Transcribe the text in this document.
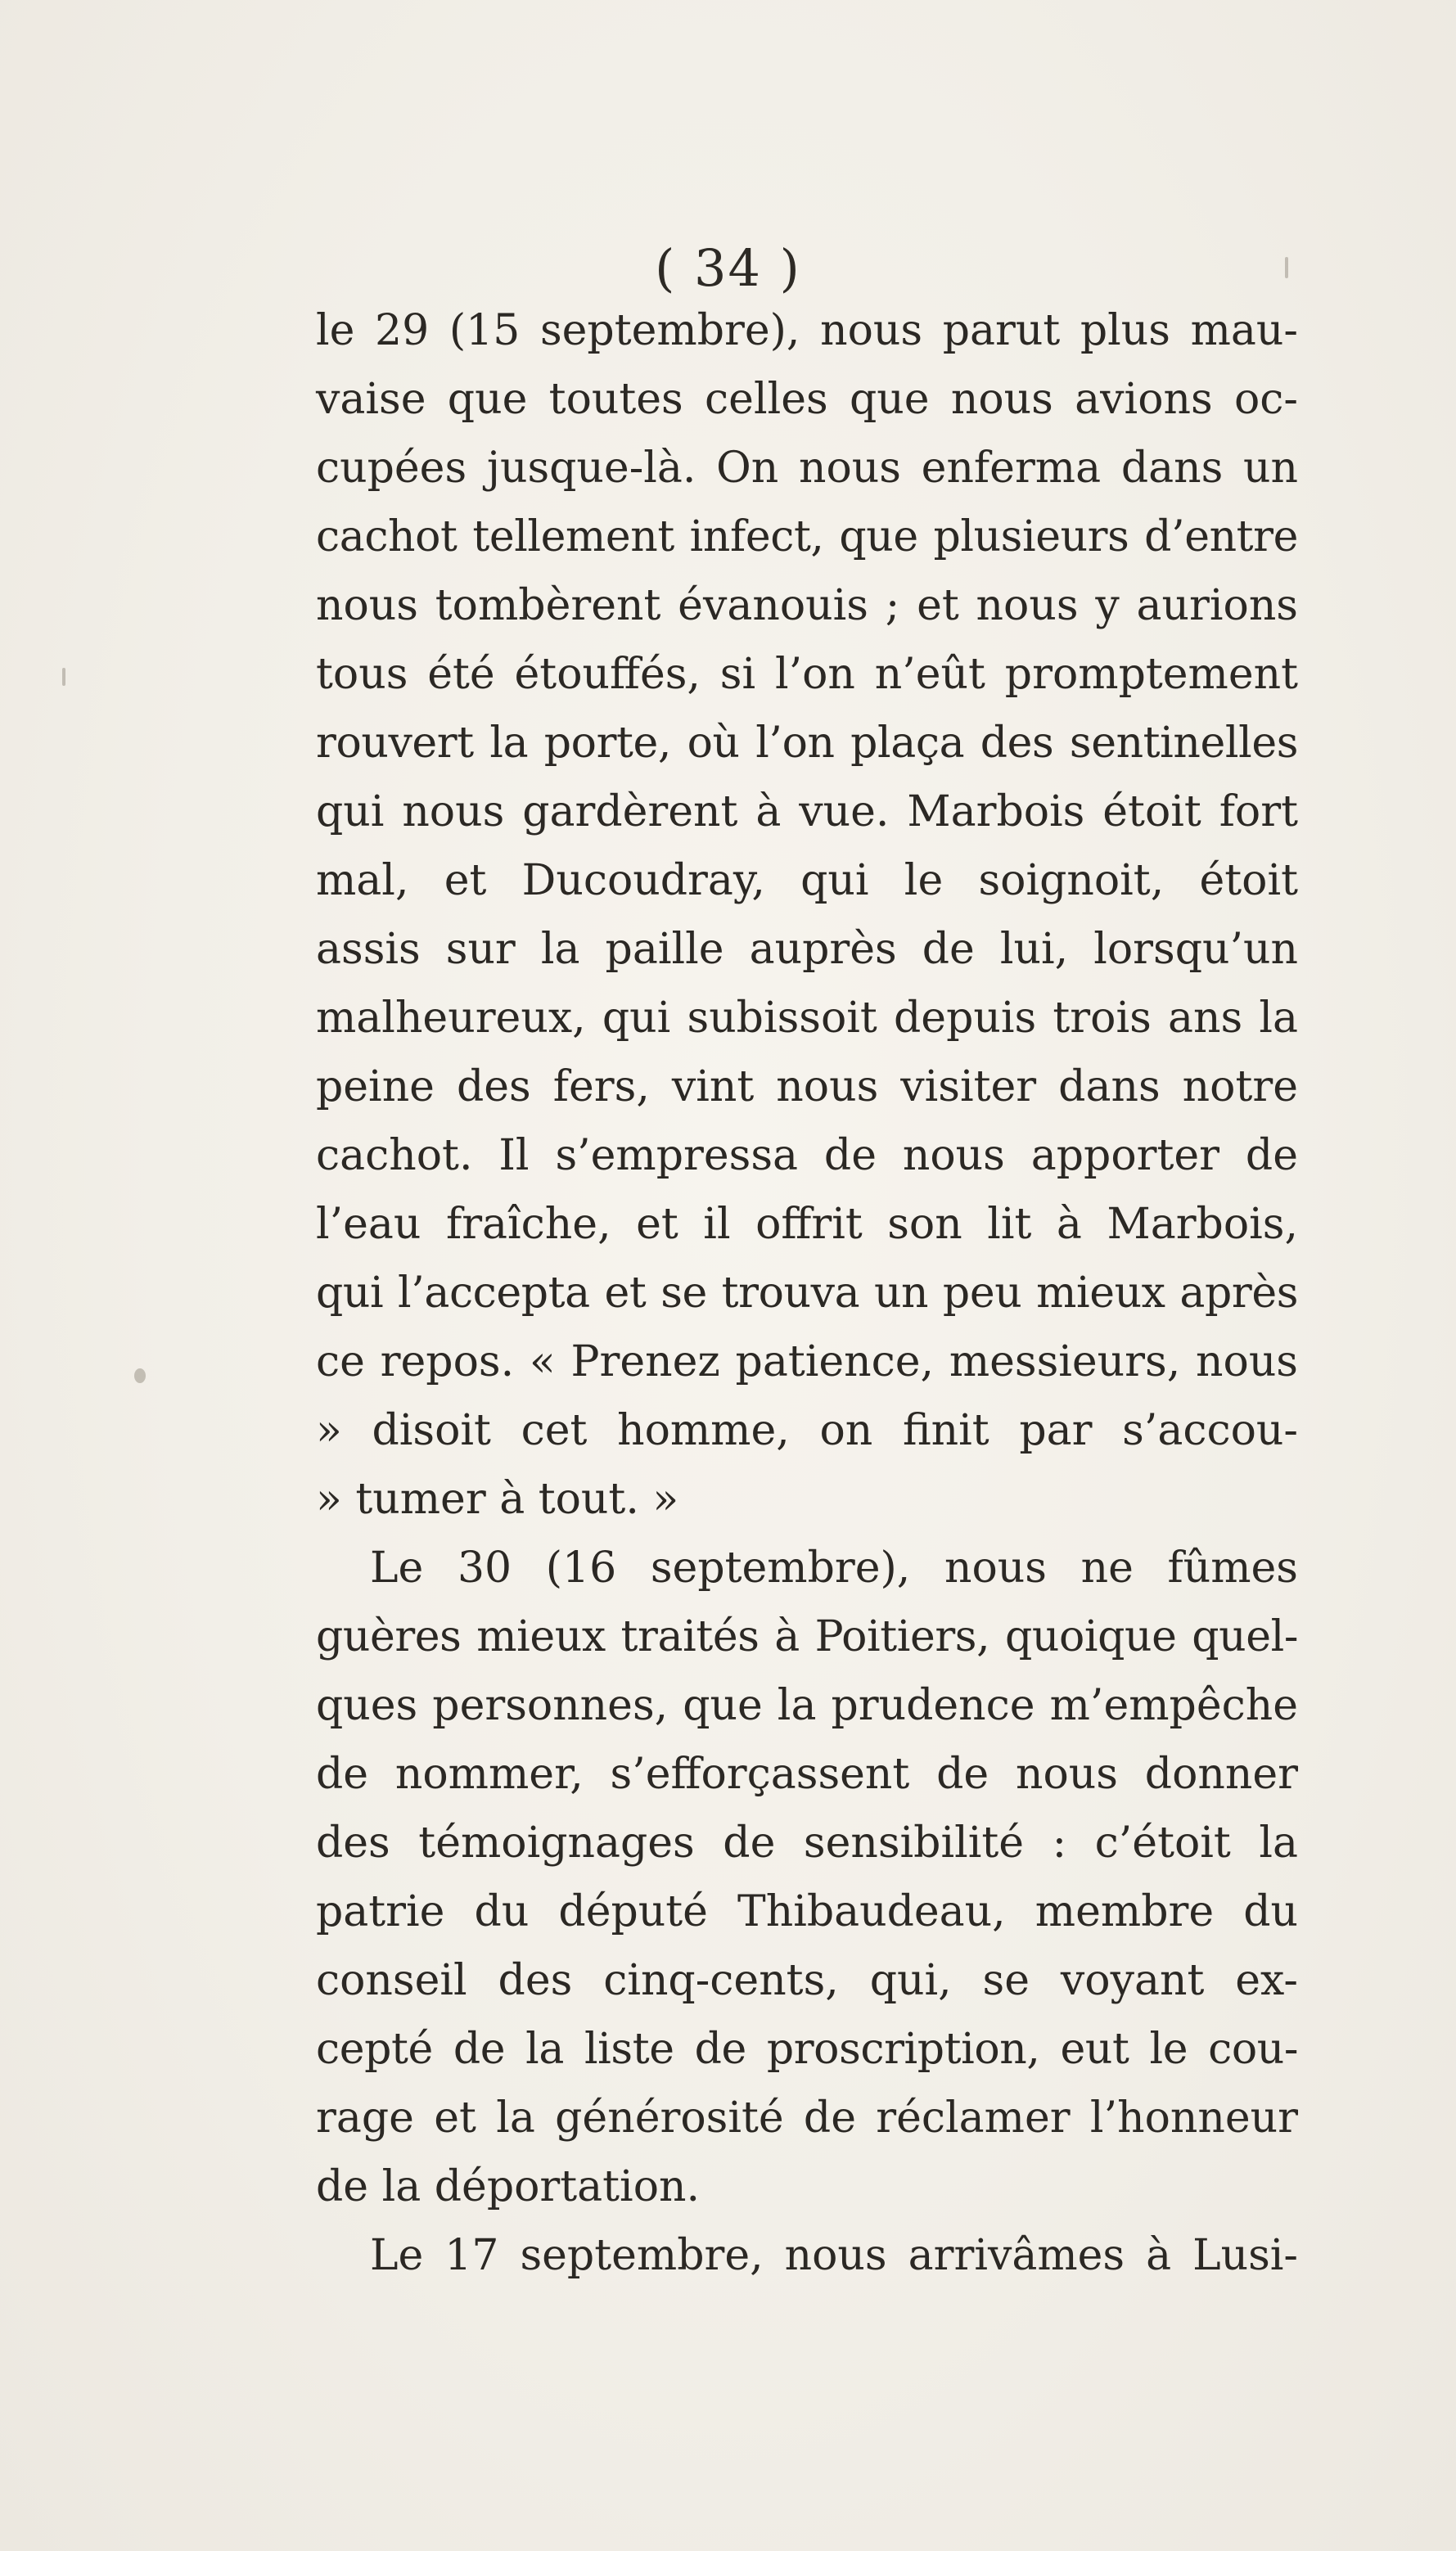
( 34 )
le 29 (15 septembre), nous parut plus mau-
vaise que toutes celles que nous avions oc-
cupées jusque-là. On nous enferma dans un
cachot tellement infect, que plusieurs d’entre
nous tombèrent évanouis ; et nous y aurions
tous été étouffés, si l’on n’eût promptement
rouvert la porte, où l’on plaça des sentinelles
qui nous gardèrent à vue. Marbois étoit fort
mal, et Ducoudray, qui le soignoit, étoit
assis sur la paille auprès de lui, lorsqu’un
malheureux, qui subissoit depuis trois ans la
peine des fers, vint nous visiter dans notre
cachot. Il s’empressa de nous apporter de
l’eau fraîche, et il offrit son lit à Marbois,
qui l’accepta et se trouva un peu mieux après
ce repos. « Prenez patience, messieurs, nous
» disoit cet homme, on finit par s’accou-
» tumer à tout. »
Le 30 (16 septembre), nous ne fûmes
guères mieux traités à Poitiers, quoique quel-
ques personnes, que la prudence m’empêche
de nommer, s’efforçassent de nous donner
des témoignages de sensibilité : c’étoit la
patrie du député Thibaudeau, membre du
conseil des cinq-cents, qui, se voyant ex-
cepté de la liste de proscription, eut le cou-
rage et la générosité de réclamer l’honneur
de la déportation.
Le 17 septembre, nous arrivâmes à Lusi-
